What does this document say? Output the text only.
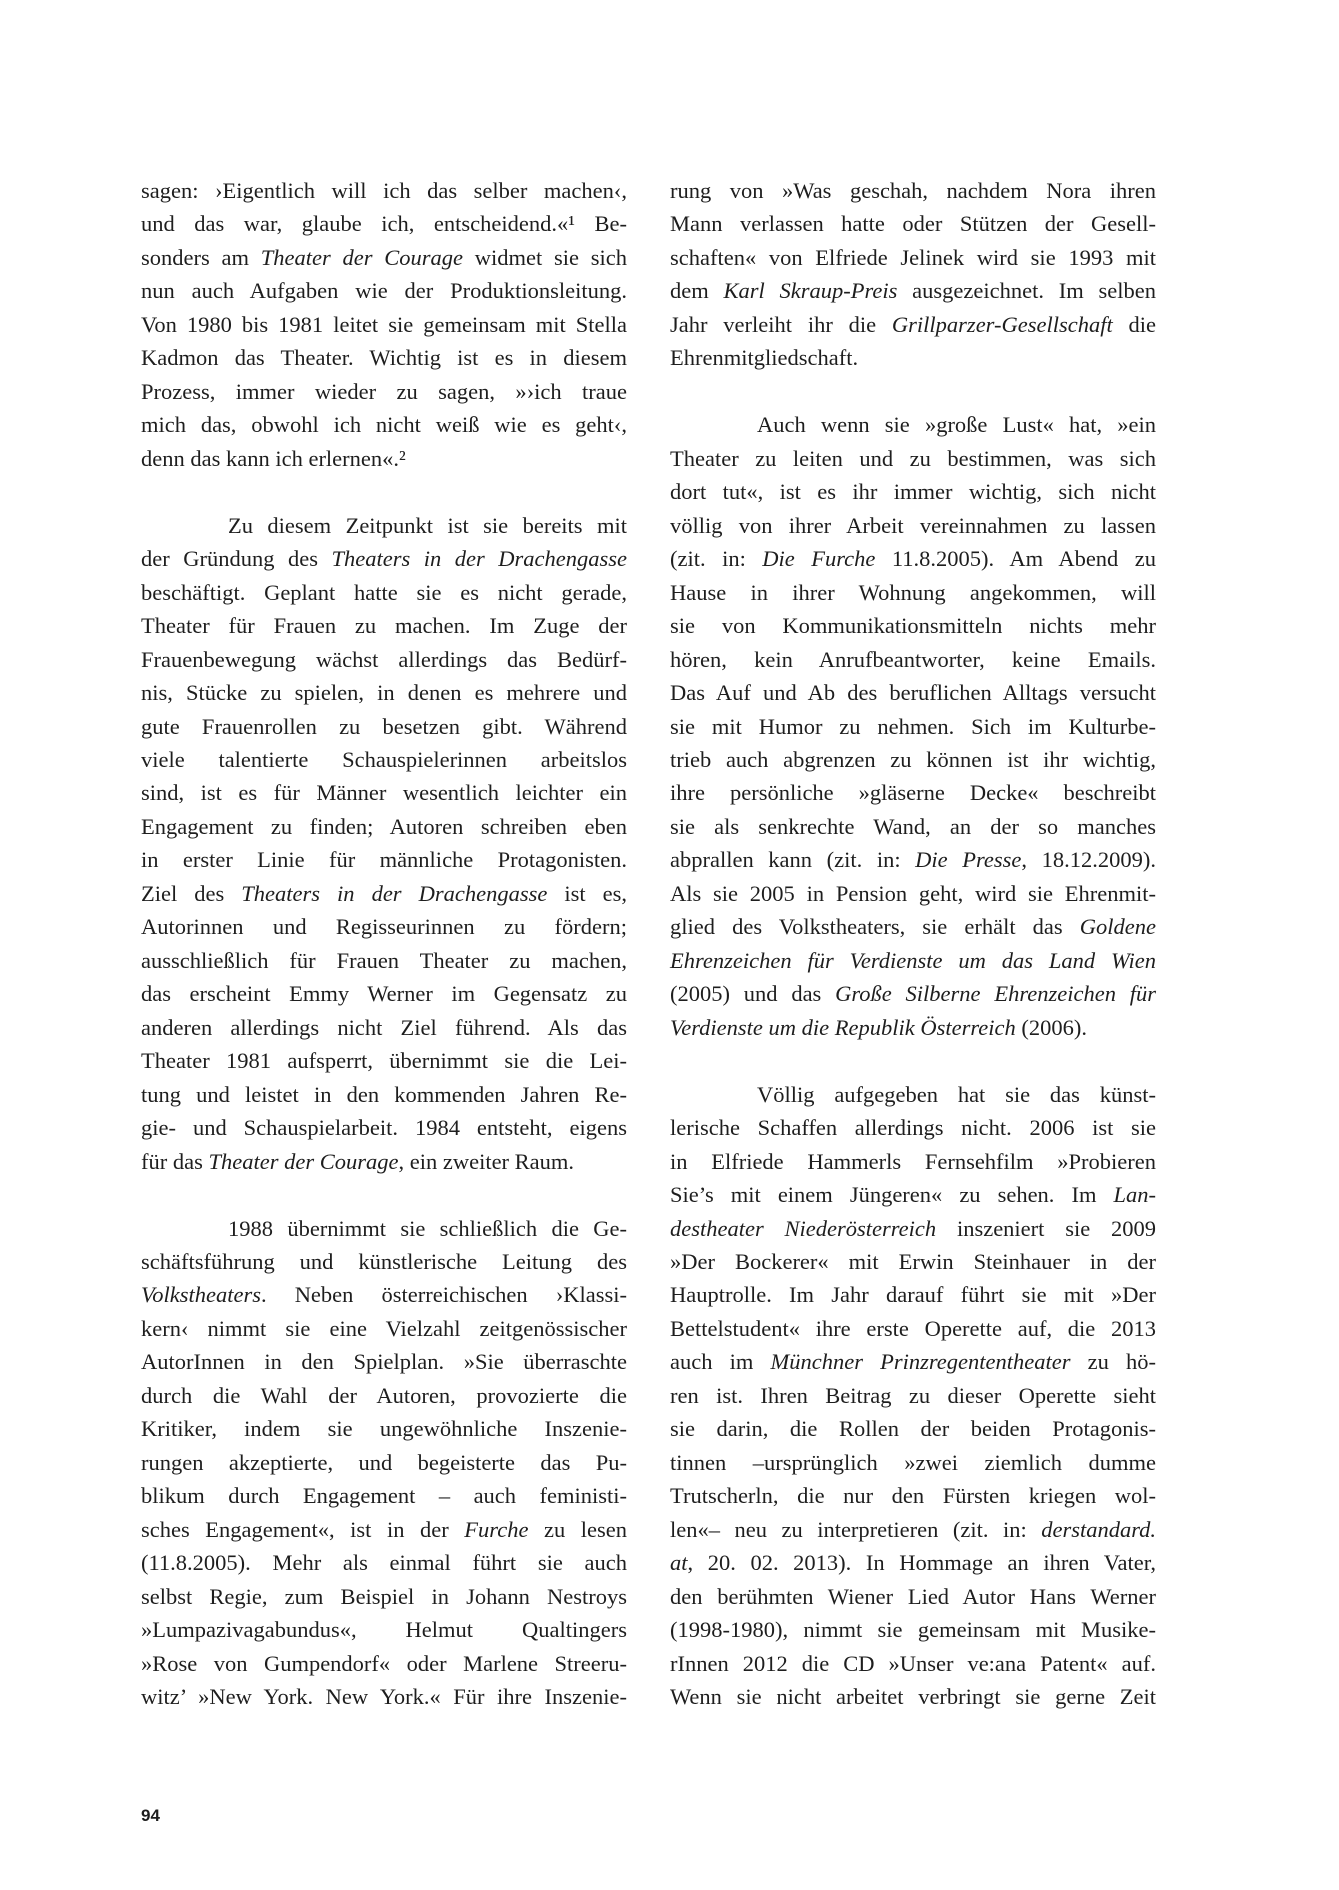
sagen: ›Eigentlich will ich das selber machen‹,
und das war, glaube ich, entscheidend.«¹ Be-
sonders am Theater der Courage widmet sie sich
nun auch Aufgaben wie der Produktionsleitung.
Von 1980 bis 1981 leitet sie gemeinsam mit Stella
Kadmon das Theater. Wichtig ist es in diesem
Prozess, immer wieder zu sagen, »›ich traue
mich das, obwohl ich nicht weiß wie es geht‹,
denn das kann ich erlernen«.²
Zu diesem Zeitpunkt ist sie bereits mit
der Gründung des Theaters in der Drachengasse
beschäftigt. Geplant hatte sie es nicht gerade,
Theater für Frauen zu machen. Im Zuge der
Frauenbewegung wächst allerdings das Bedürf-
nis, Stücke zu spielen, in denen es mehrere und
gute Frauenrollen zu besetzen gibt. Während
viele talentierte Schauspielerinnen arbeitslos
sind, ist es für Männer wesentlich leichter ein
Engagement zu finden; Autoren schreiben eben
in erster Linie für männliche Protagonisten.
Ziel des Theaters in der Drachengasse ist es,
Autorinnen und Regisseurinnen zu fördern;
ausschließlich für Frauen Theater zu machen,
das erscheint Emmy Werner im Gegensatz zu
anderen allerdings nicht Ziel führend. Als das
Theater 1981 aufsperrt, übernimmt sie die Lei-
tung und leistet in den kommenden Jahren Re-
gie- und Schauspielarbeit. 1984 entsteht, eigens
für das Theater der Courage, ein zweiter Raum.
1988 übernimmt sie schließlich die Ge-
schäftsführung und künstlerische Leitung des
Volkstheaters. Neben österreichischen ›Klassi-
kern‹ nimmt sie eine Vielzahl zeitgenössischer
AutorInnen in den Spielplan. »Sie überraschte
durch die Wahl der Autoren, provozierte die
Kritiker, indem sie ungewöhnliche Inszenie-
rungen akzeptierte, und begeisterte das Pu-
blikum durch Engagement – auch feministi-
sches Engagement«, ist in der Furche zu lesen
(11.8.2005). Mehr als einmal führt sie auch
selbst Regie, zum Beispiel in Johann Nestroys
»Lumpazivagabundus«, Helmut Qualtingers
»Rose von Gumpendorf« oder Marlene Streeru-
witz’ »New York. New York.« Für ihre Inszenie-
rung von »Was geschah, nachdem Nora ihren
Mann verlassen hatte oder Stützen der Gesell-
schaften« von Elfriede Jelinek wird sie 1993 mit
dem Karl Skraup-Preis ausgezeichnet. Im selben
Jahr verleiht ihr die Grillparzer-Gesellschaft die
Ehrenmitgliedschaft.
Auch wenn sie »große Lust« hat, »ein
Theater zu leiten und zu bestimmen, was sich
dort tut«, ist es ihr immer wichtig, sich nicht
völlig von ihrer Arbeit vereinnahmen zu lassen
(zit. in: Die Furche 11.8.2005). Am Abend zu
Hause in ihrer Wohnung angekommen, will
sie von Kommunikationsmitteln nichts mehr
hören, kein Anrufbeantworter, keine Emails.
Das Auf und Ab des beruflichen Alltags versucht
sie mit Humor zu nehmen. Sich im Kulturbe-
trieb auch abgrenzen zu können ist ihr wichtig,
ihre persönliche »gläserne Decke« beschreibt
sie als senkrechte Wand, an der so manches
abprallen kann (zit. in: Die Presse, 18.12.2009).
Als sie 2005 in Pension geht, wird sie Ehrenmit-
glied des Volkstheaters, sie erhält das Goldene
Ehrenzeichen für Verdienste um das Land Wien
(2005) und das Große Silberne Ehrenzeichen für
Verdienste um die Republik Österreich (2006).
Völlig aufgegeben hat sie das künst-
lerische Schaffen allerdings nicht. 2006 ist sie
in Elfriede Hammerls Fernsehfilm »Probieren
Sie’s mit einem Jüngeren« zu sehen. Im Lan-
destheater Niederösterreich inszeniert sie 2009
»Der Bockerer« mit Erwin Steinhauer in der
Hauptrolle. Im Jahr darauf führt sie mit »Der
Bettelstudent« ihre erste Operette auf, die 2013
auch im Münchner Prinzregententheater zu hö-
ren ist. Ihren Beitrag zu dieser Operette sieht
sie darin, die Rollen der beiden Protagonis-
tinnen –ursprünglich »zwei ziemlich dumme
Trutscherln, die nur den Fürsten kriegen wol-
len«– neu zu interpretieren (zit. in: derstandard.
at, 20. 02. 2013). In Hommage an ihren Vater,
den berühmten Wiener Lied Autor Hans Werner
(1998-1980), nimmt sie gemeinsam mit Musike-
rInnen 2012 die CD »Unser ve:ana Patent« auf.
Wenn sie nicht arbeitet verbringt sie gerne Zeit
94
